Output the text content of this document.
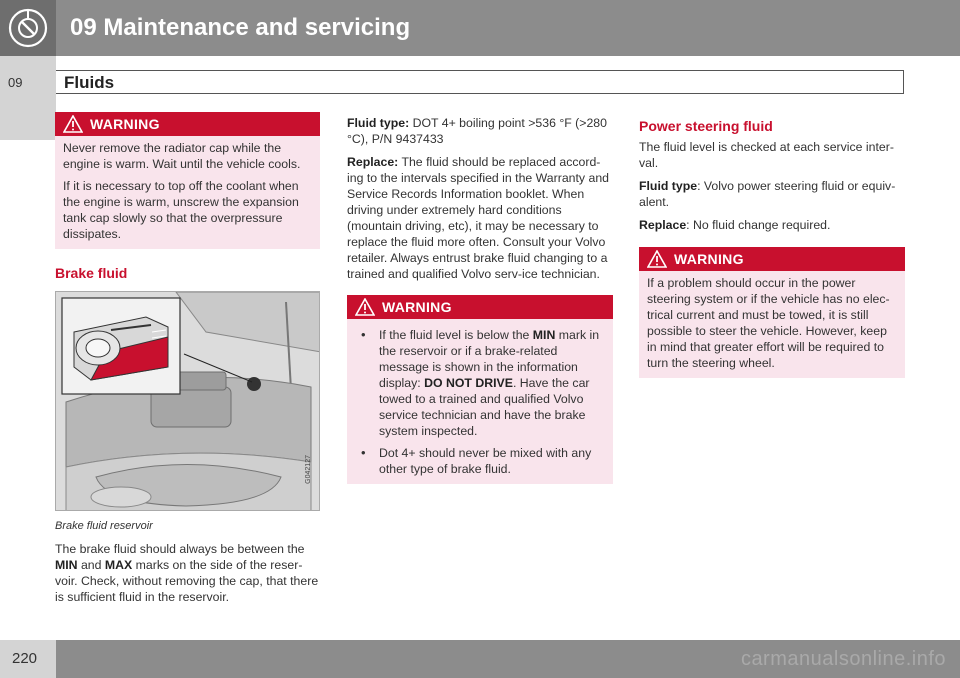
09 Maintenance and servicing
09 Fluids
WARNING

Never remove the radiator cap while the engine is warm. Wait until the vehicle cools.

If it is necessary to top off the coolant when the engine is warm, unscrew the expansion tank cap slowly so that the overpressure dissipates.

Brake fluid
G042127
Brake fluid reservoir

The brake fluid should always be between the MIN and MAX marks on the side of the reser-voir. Check, without removing the cap, that there is sufficient fluid in the reservoir.

Fluid type: DOT 4+ boiling point >536 °F (>280 °C), P/N 9437433

Replace: The fluid should be replaced accord-ing to the intervals specified in the Warranty and Service Records Information booklet. When driving under extremely hard conditions (mountain driving, etc), it may be necessary to replace the fluid more often. Consult your Volvo retailer. Always entrust brake fluid changing to a trained and qualified Volvo serv-ice technician.

WARNING
• If the fluid level is below the MIN mark in the reservoir or if a brake-related message is shown in the information display: DO NOT DRIVE. Have the car towed to a trained and qualified Volvo service technician and have the brake system inspected.
• Dot 4+ should never be mixed with any other type of brake fluid.
Power steering fluid

The fluid level is checked at each service inter-val.

Fluid type: Volvo power steering fluid or equiv-alent.

Replace: No fluid change required.

WARNING

If a problem should occur in the power steering system or if the vehicle has no elec-trical current and must be towed, it is still possible to steer the vehicle. However, keep in mind that greater effort will be required to turn the steering wheel.

220	carmanualsonline.info
